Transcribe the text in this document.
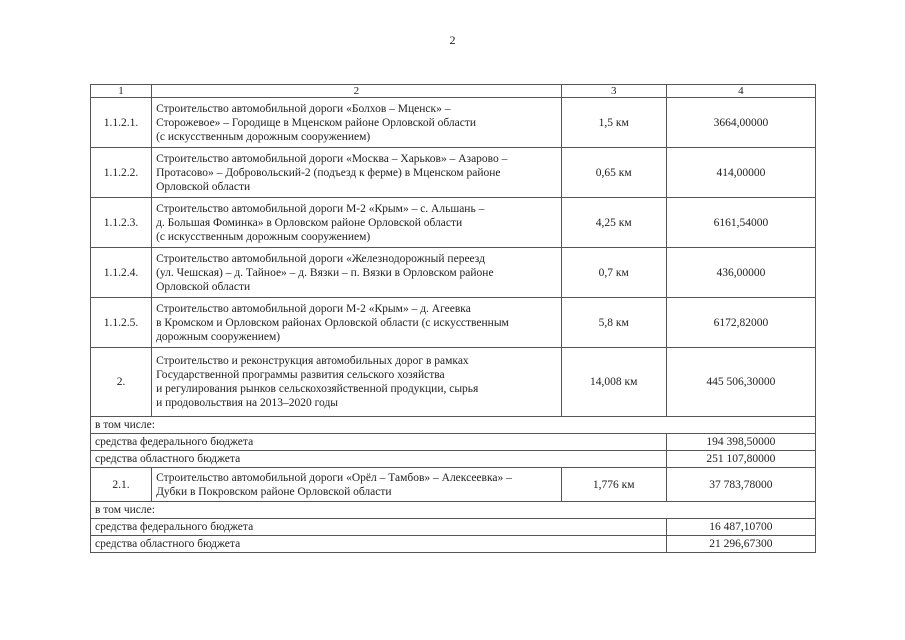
2
1	2	3	4
1.1.2.1.	Строительство автомобильной дороги «Болхов – Мценск» –
Сторожевое» – Городище в Мценском районе Орловской области
(с искусственным дорожным сооружением)	1,5 км	3664,00000
1.1.2.2.	Строительство автомобильной дороги «Москва – Харьков» – Азарово –
Протасово» – Добровольский-2 (подъезд к ферме) в Мценском районе
Орловской области	0,65 км	414,00000
1.1.2.3.	Строительство автомобильной дороги М-2 «Крым» – с. Альшань –
д. Большая Фоминка» в Орловском районе Орловской области
(с искусственным дорожным сооружением)	4,25 км	6161,54000
1.1.2.4.	Строительство автомобильной дороги «Железнодорожный переезд
(ул. Чешская) – д. Тайное» – д. Вязки – п. Вязки в Орловском районе
Орловской области	0,7 км	436,00000
1.1.2.5.	Строительство автомобильной дороги М-2 «Крым» – д. Агеевка
в Кромском и Орловском районах Орловской области (с искусственным
дорожным сооружением)	5,8 км	6172,82000
2.	Строительство и реконструкция автомобильных дорог в рамках
Государственной программы развития сельского хозяйства
и регулирования рынков сельскохозяйственной продукции, сырья
и продовольствия на 2013–2020 годы	14,008 км	445 506,30000
в том числе:			
средства федерального бюджета			194 398,50000
средства областного бюджета			251 107,80000
2.1.	Строительство автомобильной дороги «Орёл – Тамбов» – Алексеевка» –
Дубки в Покровском районе Орловской области	1,776 км	37 783,78000
в том числе:			
средства федерального бюджета			16 487,10700
средства областного бюджета			21 296,67300
